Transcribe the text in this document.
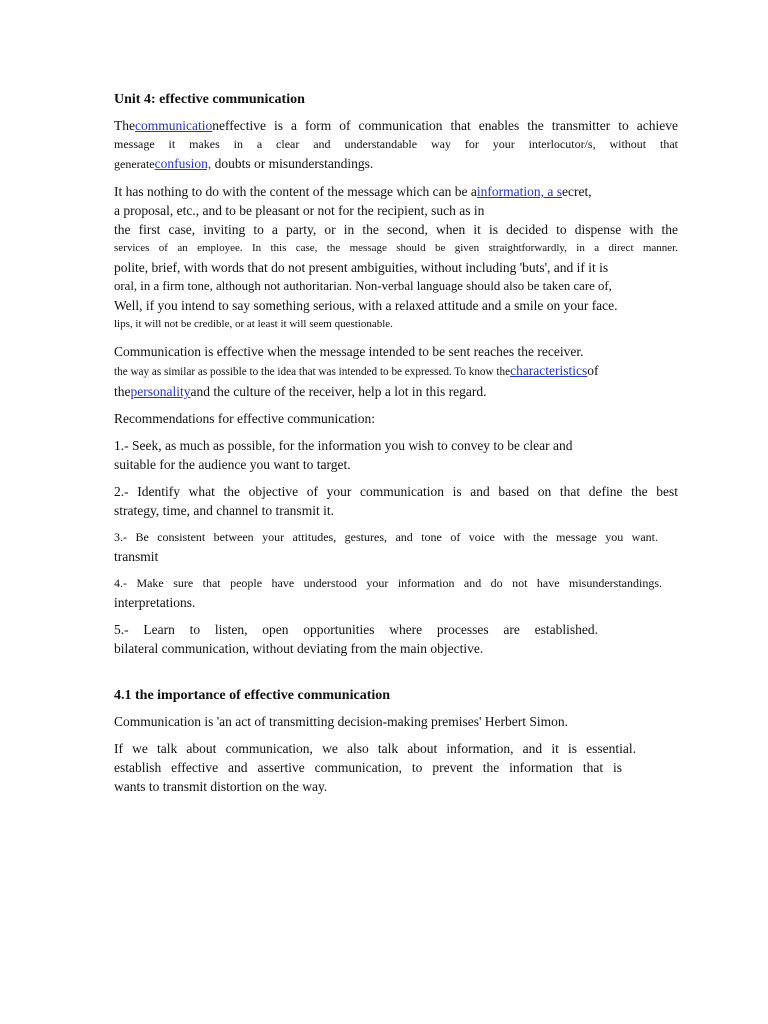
Unit 4: effective communication
Thecommunicationeffective is a form of communication that enables the transmitter to achieve
message it makes in a clear and understandable way for your interlocutor/s, without that
generateconfusion, doubts or misunderstandings.
It has nothing to do with the content of the message which can be ainformation, a secret,
a proposal, etc., and to be pleasant or not for the recipient, such as in
the first case, inviting to a party, or in the second, when it is decided to dispense with the
services of an employee. In this case, the message should be given straightforwardly, in a direct manner.
polite, brief, with words that do not present ambiguities, without including 'buts', and if it is
oral, in a firm tone, although not authoritarian. Non-verbal language should also be taken care of,
Well, if you intend to say something serious, with a relaxed attitude and a smile on your face.
lips, it will not be credible, or at least it will seem questionable.
Communication is effective when the message intended to be sent reaches the receiver.
the way as similar as possible to the idea that was intended to be expressed. To know thecharacteristicsof
thepersonalityand the culture of the receiver, help a lot in this regard.
Recommendations for effective communication:
1.- Seek, as much as possible, for the information you wish to convey to be clear and
suitable for the audience you want to target.
2.- Identify what the objective of your communication is and based on that define the best
strategy, time, and channel to transmit it.
3.- Be consistent between your attitudes, gestures, and tone of voice with the message you want.
transmit
4.- Make sure that people have understood your information and do not have misunderstandings.
interpretations.
5.- Learn to listen, open opportunities where processes are established.
bilateral communication, without deviating from the main objective.
4.1 the importance of effective communication
Communication is 'an act of transmitting decision-making premises' Herbert Simon.
If we talk about communication, we also talk about information, and it is essential.
establish effective and assertive communication, to prevent the information that is
wants to transmit distortion on the way.
